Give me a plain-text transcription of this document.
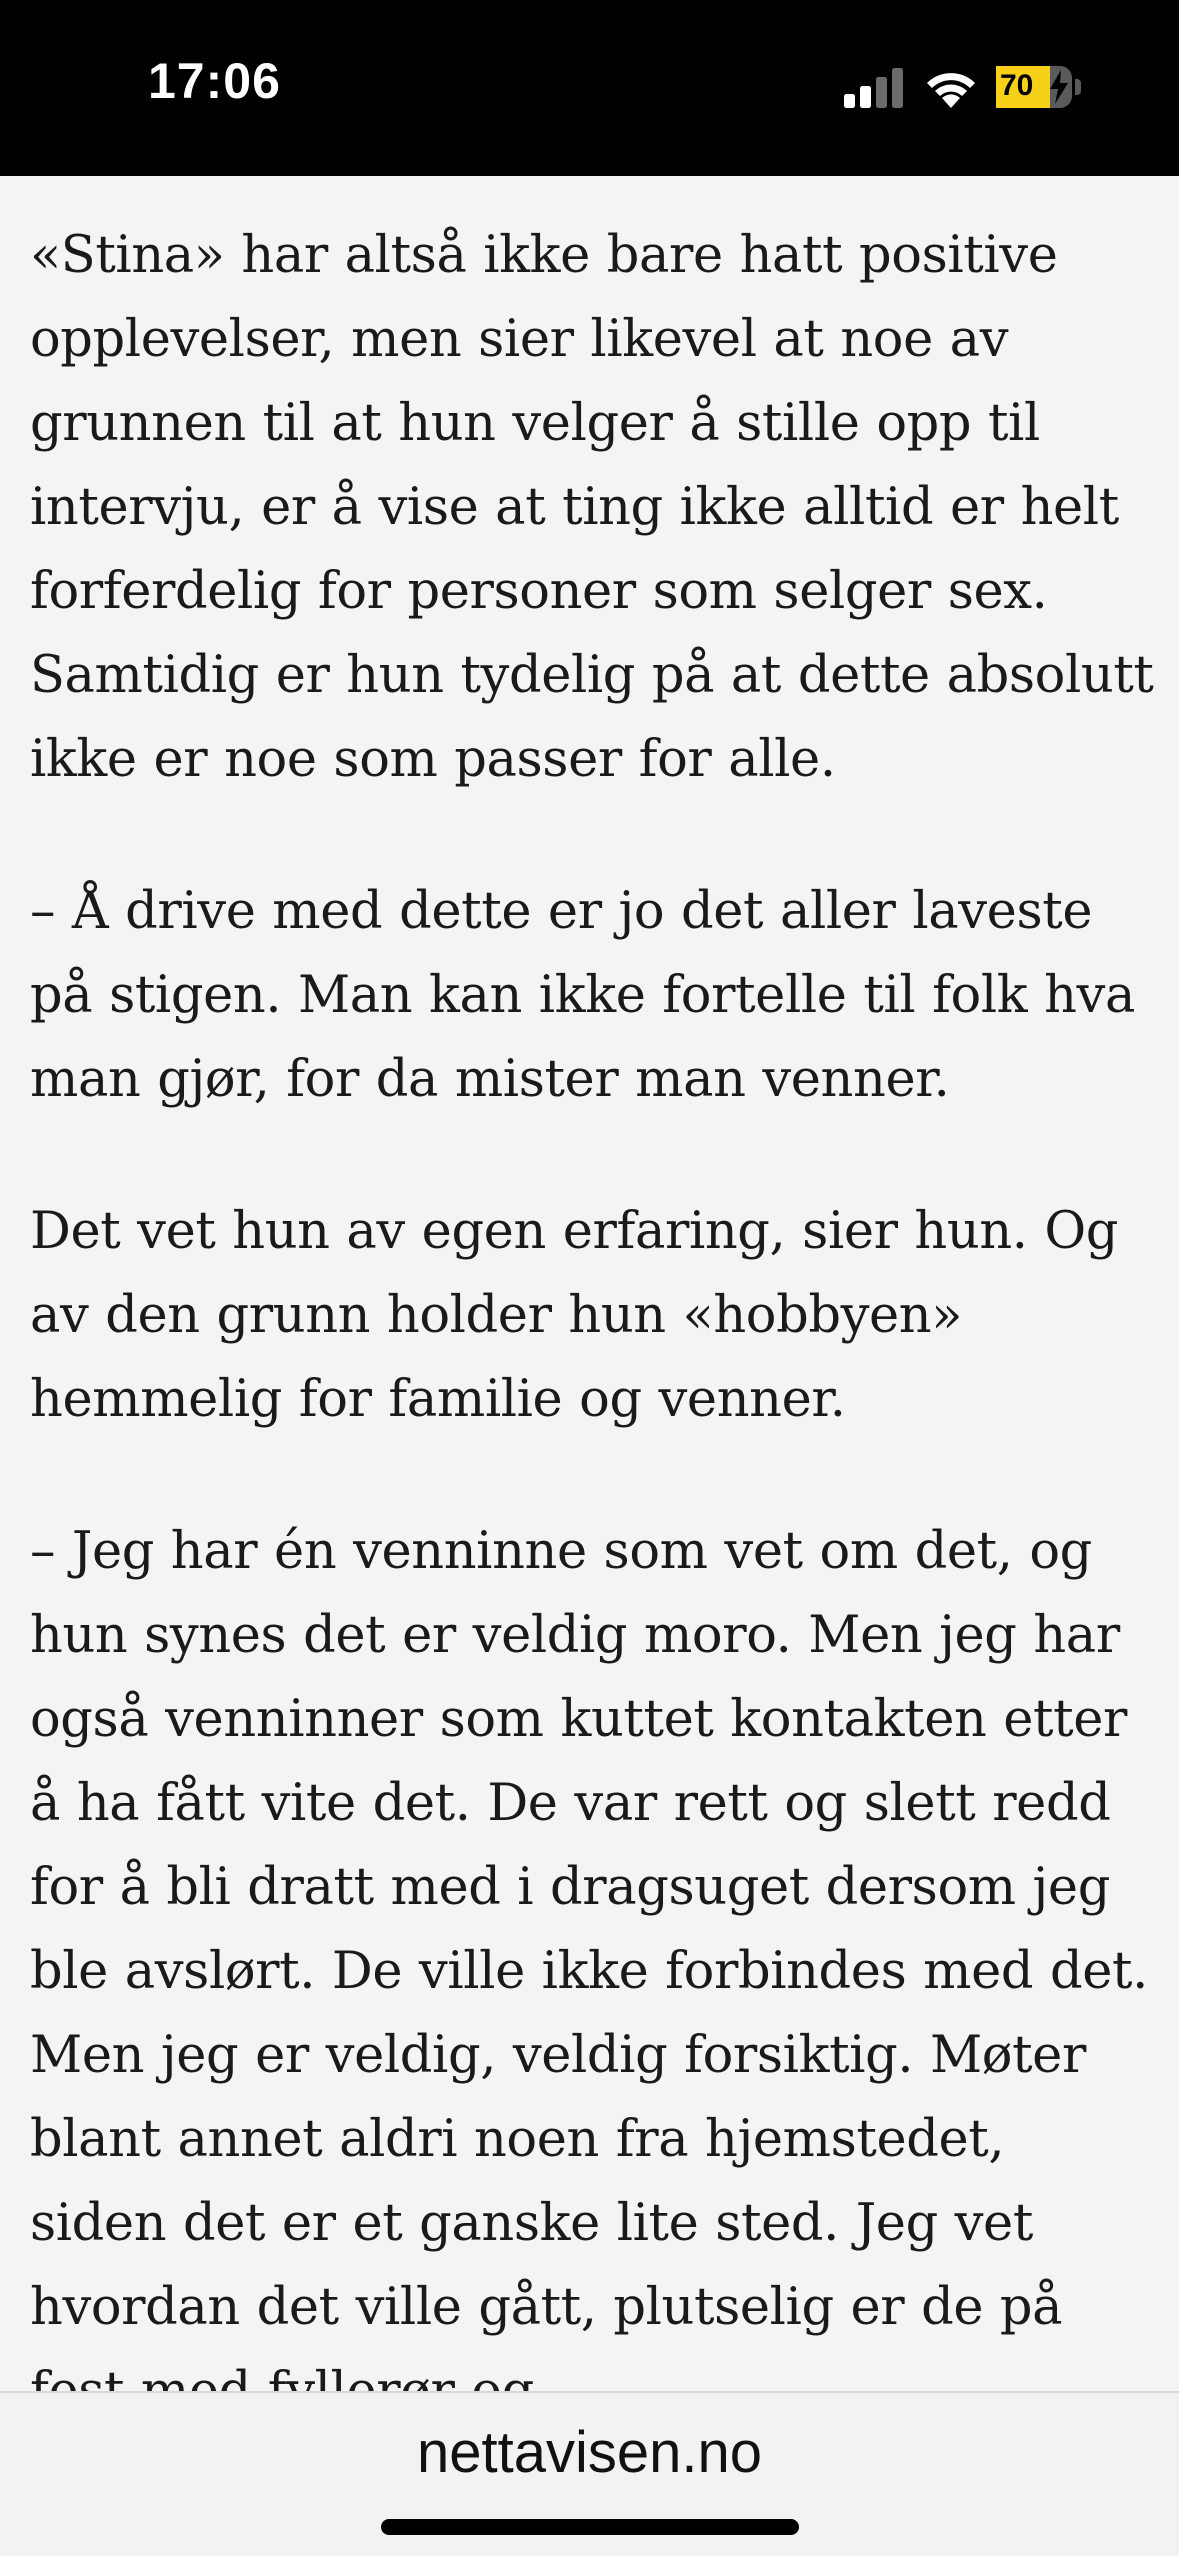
17:06	70

«Stina» har altså ikke bare hatt positive opplevelser, men sier likevel at noe av grunnen til at hun velger å stille opp til intervju, er å vise at ting ikke alltid er helt forferdelig for personer som selger sex. Samtidig er hun tydelig på at dette absolutt ikke er noe som passer for alle.

– Å drive med dette er jo det aller laveste på stigen. Man kan ikke fortelle til folk hva man gjør, for da mister man venner.

Det vet hun av egen erfaring, sier hun. Og av den grunn holder hun «hobbyen» hemmelig for familie og venner.

– Jeg har én venninne som vet om det, og hun synes det er veldig moro. Men jeg har også venninner som kuttet kontakten etter å ha fått vite det. De var rett og slett redd for å bli dratt med i dragsuget dersom jeg ble avslørt. De ville ikke forbindes med det. Men jeg er veldig, veldig forsiktig. Møter blant annet aldri noen fra hjemstedet, siden det er et ganske lite sted. Jeg vet hvordan det ville gått, plutselig er de på

nettavisen.no
